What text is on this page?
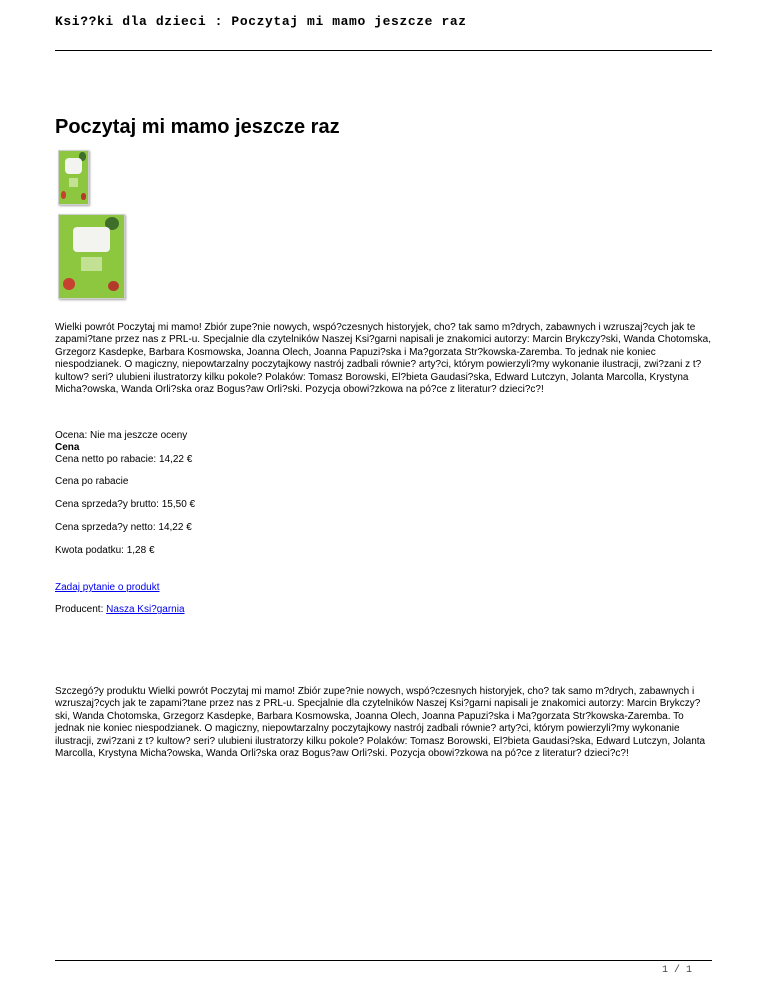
Ksi??ki dla dzieci : Poczytaj mi mamo jeszcze raz
Poczytaj mi mamo jeszcze raz

Wielki powrót Poczytaj mi mamo! Zbiór zupe?nie nowych, wspó?czesnych historyjek, cho? tak samo m?drych, zabawnych i wzruszaj?cych jak te zapami?tane przez nas z PRL-u. Specjalnie dla czytelników Naszej Ksi?garni napisali je znakomici autorzy: Marcin Brykczy?ski, Wanda Chotomska, Grzegorz Kasdepke, Barbara Kosmowska, Joanna Olech, Joanna Papuzi?ska i Ma?gorzata Str?kowska-Zaremba. To jednak nie koniec niespodzianek. O magiczny, niepowtarzalny poczytajkowy nastrój zadbali równie? arty?ci, którym powierzyli?my wykonanie ilustracji, zwi?zani z t? kultow? seri? ulubieni ilustratorzy kilku pokole? Polaków: Tomasz Borowski, El?bieta Gaudasi?ska, Edward Lutczyn, Jolanta Marcolla, Krystyna Micha?owska, Wanda Orli?ska oraz Bogus?aw Orli?ski. Pozycja obowi?zkowa na pó?ce z literatur? dzieci?c?!

Ocena: Nie ma jeszcze oceny

Cena

Cena netto po rabacie: 14,22 €

Cena po rabacie

Cena sprzeda?y brutto: 15,50 €

Cena sprzeda?y netto: 14,22 €

Kwota podatku: 1,28 €

Zadaj pytanie o produkt

Producent: Nasza Ksi?garnia

Szczegó?y produktu Wielki powrót Poczytaj mi mamo! Zbiór zupe?nie nowych, wspó?czesnych historyjek, cho? tak samo m?drych, zabawnych i wzruszaj?cych jak te zapami?tane przez nas z PRL-u. Specjalnie dla czytelników Naszej Ksi?garni napisali je znakomici autorzy: Marcin Brykczy?ski, Wanda Chotomska, Grzegorz Kasdepke, Barbara Kosmowska, Joanna Olech, Joanna Papuzi?ska i Ma?gorzata Str?kowska-Zaremba. To jednak nie koniec niespodzianek. O magiczny, niepowtarzalny poczytajkowy nastrój zadbali równie? arty?ci, którym powierzyli?my wykonanie ilustracji, zwi?zani z t? kultow? seri? ulubieni ilustratorzy kilku pokole? Polaków: Tomasz Borowski, El?bieta Gaudasi?ska, Edward Lutczyn, Jolanta Marcolla, Krystyna Micha?owska, Wanda Orli?ska oraz Bogus?aw Orli?ski. Pozycja obowi?zkowa na pó?ce z literatur? dzieci?c?!

1 / 1
